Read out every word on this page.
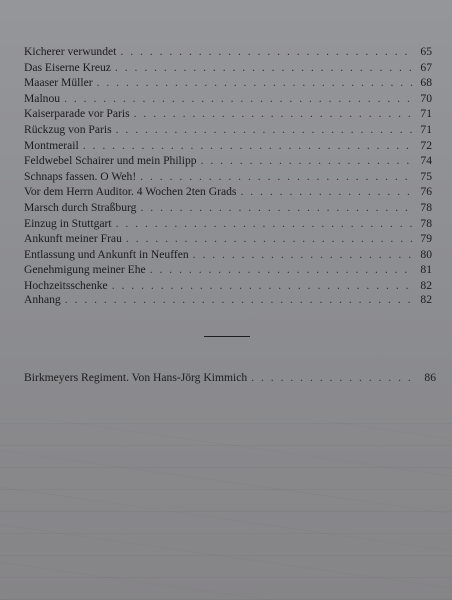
Kicherer verwundet . . .	65
Das Eiserne Kreuz . . .	67
Maaser Müller . . .	68
Malnou . . .	70
Kaiserparade vor Paris . . .	71
Rückzug von Paris . . .	71
Montmerail . . .	72
Feldwebel Schairer und mein Philipp . . .	74
Schnaps fassen. O Weh! . . .	75
Vor dem Herrn Auditor. 4 Wochen 2ten Grads . . .	76
Marsch durch Straßburg . . .	78
Einzug in Stuttgart . . .	78
Ankunft meiner Frau . . .	79
Entlassung und Ankunft in Neuffen . . .	80
Genehmigung meiner Ehe . . .	81
Hochzeitsschenke . . .	82
Anhang . . .	82
Birkmeyers Regiment. Von Hans-Jörg Kimmich . . .	86
